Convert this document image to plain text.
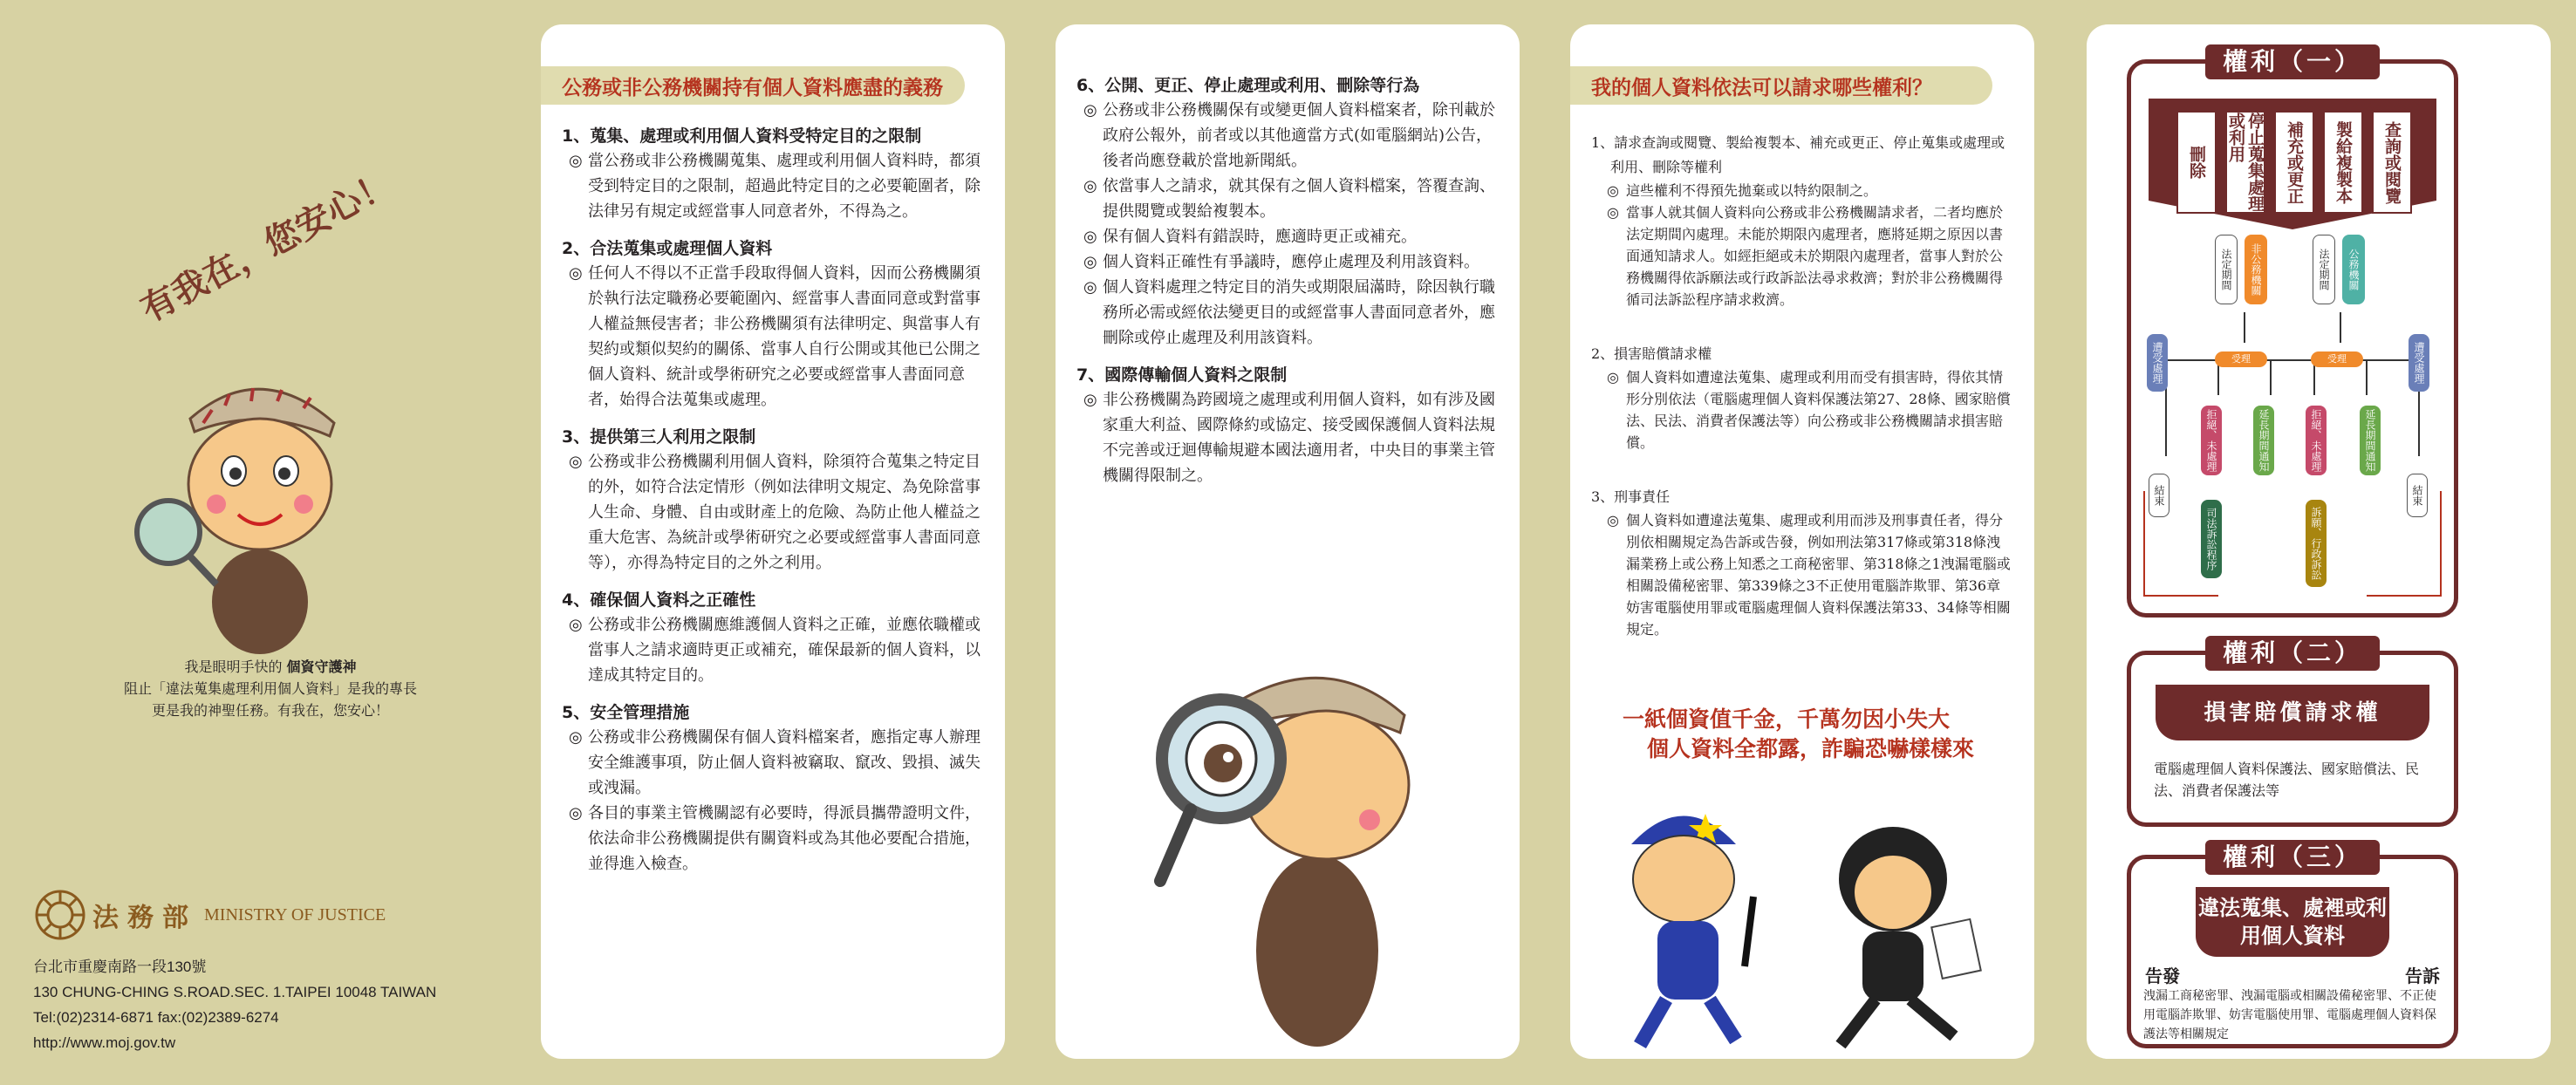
有我在，您安心！
我是眼明手快的 個資守護神
阻止「違法蒐集處理利用個人資料」是我的專長
更是我的神聖任務。有我在，您安心！
法務部 MINISTRY OF JUSTICE
台北市重慶南路一段130號
130 CHUNG-CHING S.ROAD.SEC. 1.TAIPEI 10048 TAIWAN
Tel:(02)2314-6871 fax:(02)2389-6274
http://www.moj.gov.tw
公務或非公務機關持有個人資料應盡的義務
1、蒐集、處理或利用個人資料受特定目的之限制
◎ 當公務或非公務機關蒐集、處理或利用個人資料時，都須受到特定目的之限制，超過此特定目的之必要範圍者，除法律另有規定或經當事人同意者外，不得為之。
2、合法蒐集或處理個人資料
◎ 任何人不得以不正當手段取得個人資料，因而公務機關須於執行法定職務必要範圍內、經當事人書面同意或對當事人權益無侵害者；非公務機關須有法律明定、與當事人有契約或類似契約的關係、當事人自行公開或其他已公開之個人資料、統計或學術研究之必要或經當事人書面同意者，始得合法蒐集或處理。
3、提供第三人利用之限制
◎ 公務或非公務機關利用個人資料，除須符合蒐集之特定目的外，如符合法定情形（例如法律明文規定、為免除當事人生命、身體、自由或財產上的危險、為防止他人權益之重大危害、為統計或學術研究之必要或經當事人書面同意等），亦得為特定目的之外之利用。
4、確保個人資料之正確性
◎ 公務或非公務機關應維護個人資料之正確，並應依職權或當事人之請求適時更正或補充，確保最新的個人資料，以達成其特定目的。
5、安全管理措施
◎ 公務或非公務機關保有個人資料檔案者，應指定專人辦理安全維護事項，防止個人資料被竊取、竄改、毀損、滅失或洩漏。
◎ 各目的事業主管機關認有必要時，得派員攜帶證明文件，依法命非公務機關提供有關資料或為其他必要配合措施，並得進入檢查。
6、公開、更正、停止處理或利用、刪除等行為
◎ 公務或非公務機關保有或變更個人資料檔案者，除刊載於政府公報外，前者或以其他適當方式(如電腦網站)公告，後者尚應登載於當地新聞紙。
◎ 依當事人之請求，就其保有之個人資料檔案，答覆查詢、提供閱覽或製給複製本。
◎ 保有個人資料有錯誤時，應適時更正或補充。
◎ 個人資料正確性有爭議時，應停止處理及利用該資料。
◎ 個人資料處理之特定目的消失或期限屆滿時，除因執行職務所必需或經依法變更目的或經當事人書面同意者外，應刪除或停止處理及利用該資料。
7、國際傳輸個人資料之限制
◎ 非公務機關為跨國境之處理或利用個人資料，如有涉及國家重大利益、國際條約或協定、接受國保護個人資料法規不完善或迂迴傳輸規避本國法適用者，中央目的事業主管機關得限制之。
我的個人資料依法可以請求哪些權利？
1、請求查詢或閱覽、製給複製本、補充或更正、停止蒐集或處理或利用、刪除等權利
◎ 這些權利不得預先拋棄或以特約限制之。
◎ 當事人就其個人資料向公務或非公務機關請求者，二者均應於法定期間內處理。未能於期限內處理者，應將延期之原因以書面通知請求人。如經拒絕或未於期限內處理者，當事人對於公務機關得依訴願法或行政訴訟法尋求救濟；對於非公務機關得循司法訴訟程序請求救濟。
2、損害賠償請求權
◎ 個人資料如遭違法蒐集、處理或利用而受有損害時，得依其情形分別依法（電腦處理個人資料保護法第27、28條、國家賠償法、民法、消費者保護法等）向公務或非公務機關請求損害賠償。
3、刑事責任
◎ 個人資料如遭違法蒐集、處理或利用而涉及刑事責任者，得分別依相關規定為告訴或告發，例如刑法第317條或第318條洩漏業務上或公務上知悉之工商秘密罪、第318條之1洩漏電腦或相關設備秘密罪、第339條之3不正使用電腦詐欺罪、第36章妨害電腦使用罪或電腦處理個人資料保護法第33、34條等相關規定。
一紙個資值千金，千萬勿因小失大
個人資料全都露，詐騙恐嚇樣樣來
權利（一）
查詢或閱覽
製給複製本
補充或更正
停止蒐集處理或利用
刪除
法定期間	非公務機關	法定期間	公務機關
受理	受理
遭受處理	遭受處理
拒絕、未處理	延長期間通知	拒絕、未處理	延長期間通知
結束	結束
司法訴訟程序	訴願、行政訴訟
權利（二）
損害賠償請求權
電腦處理個人資料保護法、國家賠償法、民法、消費者保護法等
權利（三）
違法蒐集、處裡或利用個人資料
告發	告訴
洩漏工商秘密罪、洩漏電腦或相關設備秘密罪、不正使用電腦詐欺罪、妨害電腦使用罪、電腦處理個人資料保護法等相關規定
